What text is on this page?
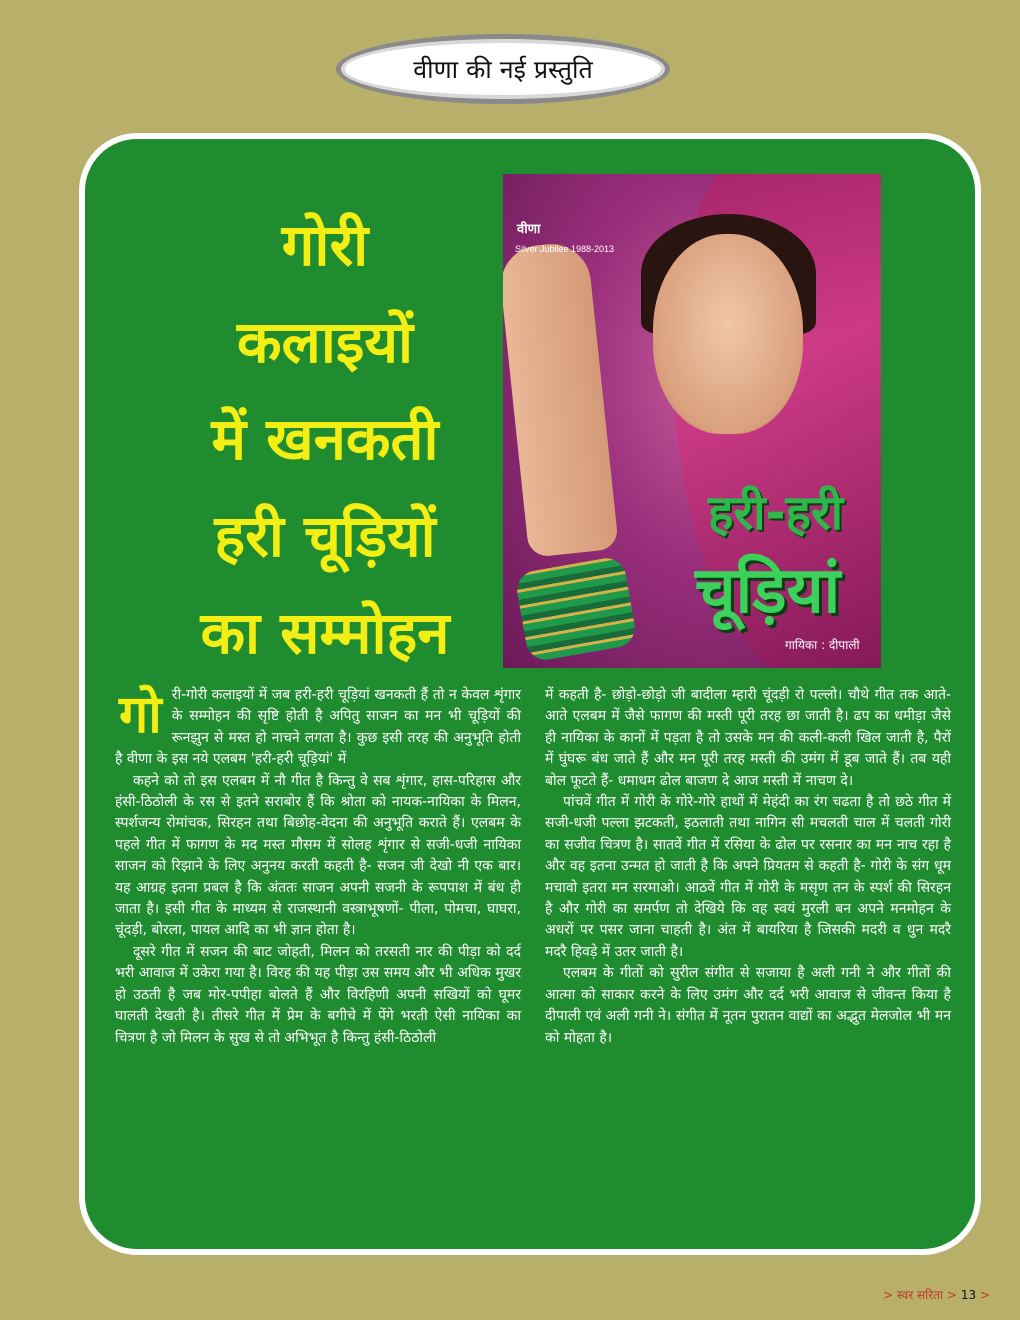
वीणा की नई प्रस्तुति
गोरी
कलाइयों
में खनकती
हरी चूड़ियों
का सम्मोहन
वीणा
Silver Jubilee 1988-2013
हरी-हरी
चूड़ियां
गायिका : दीपाली
गो री-गोरी कलाइयों में जब हरी-हरी चूड़ियां खनकती हैं तो न केवल शृंगार के सम्मोहन की सृष्टि होती है अपितु साजन का मन भी चूड़ियों की रूनझुन से मस्त हो नाचने लगता है। कुछ इसी तरह की अनुभूति होती है वीणा के इस नये एलबम 'हरी-हरी चूड़ियां' में

कहने को तो इस एलबम में नौ गीत है किन्तु वे सब शृंगार, हास-परिहास और हंसी-ठिठोली के रस से इतने सराबोर हैं कि श्रोता को नायक-नायिका के मिलन, स्पर्शजन्य रोमांचक, सिरहन तथा बिछोह-वेदना की अनुभूति कराते हैं। एलबम के पहले गीत में फागण के मद मस्त मौसम में सोलह शृंगार से सजी-धजी नायिका साजन को रिझाने के लिए अनुनय करती कहती है- सजन जी देखो नी एक बार। यह आग्रह इतना प्रबल है कि अंततः साजन अपनी सजनी के रूपपाश में बंध ही जाता है। इसी गीत के माध्यम से राजस्थानी वस्त्राभूषणों- पीला, पोमचा, घाघरा, चूंदड़ी, बोरला, पायल आदि का भी ज्ञान होता है।

दूसरे गीत में सजन की बाट जोहती, मिलन को तरसती नार की पीड़ा को दर्द भरी आवाज में उकेरा गया है। विरह की यह पीड़ा उस समय और भी अधिक मुखर हो उठती है जब मोर-पपीहा बोलते हैं और विरहिणी अपनी सखियों को घूमर घालती देखती है। तीसरे गीत में प्रेम के बगीचे में पेंगे भरती ऐसी नायिका का चित्रण है जो मिलन के सुख से तो अभिभूत है किन्तु हंसी-ठिठोली

में कहती है- छोड़ो-छोड़ो जी बादीला म्हारी चूंदड़ी रो पल्लो। चौथे गीत तक आते-आते एलबम में जैसे फागण की मस्ती पूरी तरह छा जाती है। ढप का धमीड़ा जैसे ही नायिका के कानों में पड़ता है तो उसके मन की कली-कली खिल जाती है, पैरों में घुंघरू बंध जाते हैं और मन पूरी तरह मस्ती की उमंग में डूब जाते हैं। तब यही बोल फूटते हैं- धमाधम ढोल बाजण दे आज मस्ती में नाचण दे।

पांचवें गीत में गोरी के गोरे-गोरे हाथों में मेहंदी का रंग चढता है तो छठे गीत में सजी-धजी पल्ला झटकती, इठलाती तथा नागिन सी मचलती चाल में चलती गोरी का सजीव चित्रण है। सातवें गीत में रसिया के ढोल पर रसनार का मन नाच रहा है और वह इतना उन्मत हो जाती है कि अपने प्रियतम से कहती है- गोरी के संग धूम मचावो इतरा मन सरमाओ। आठवें गीत में गोरी के मसृण तन के स्पर्श की सिरहन है और गोरी का समर्पण तो देखिये कि वह स्वयं मुरली बन अपने मनमोहन के अधरों पर पसर जाना चाहती है। अंत में बायरिया है जिसकी मदरी व धुन मदरै मदरै हिवड़े में उतर जाती है।

एलबम के गीतों को सुरील संगीत से सजाया है अली गनी ने और गीतों की आत्मा को साकार करने के लिए उमंग और दर्द भरी आवाज से जीवन्त किया है दीपाली एवं अली गनी ने। संगीत में नूतन पुरातन वाद्यों का अद्भुत मेलजोल भी मन को मोहता है।

> स्वर सरिता > 13 >
